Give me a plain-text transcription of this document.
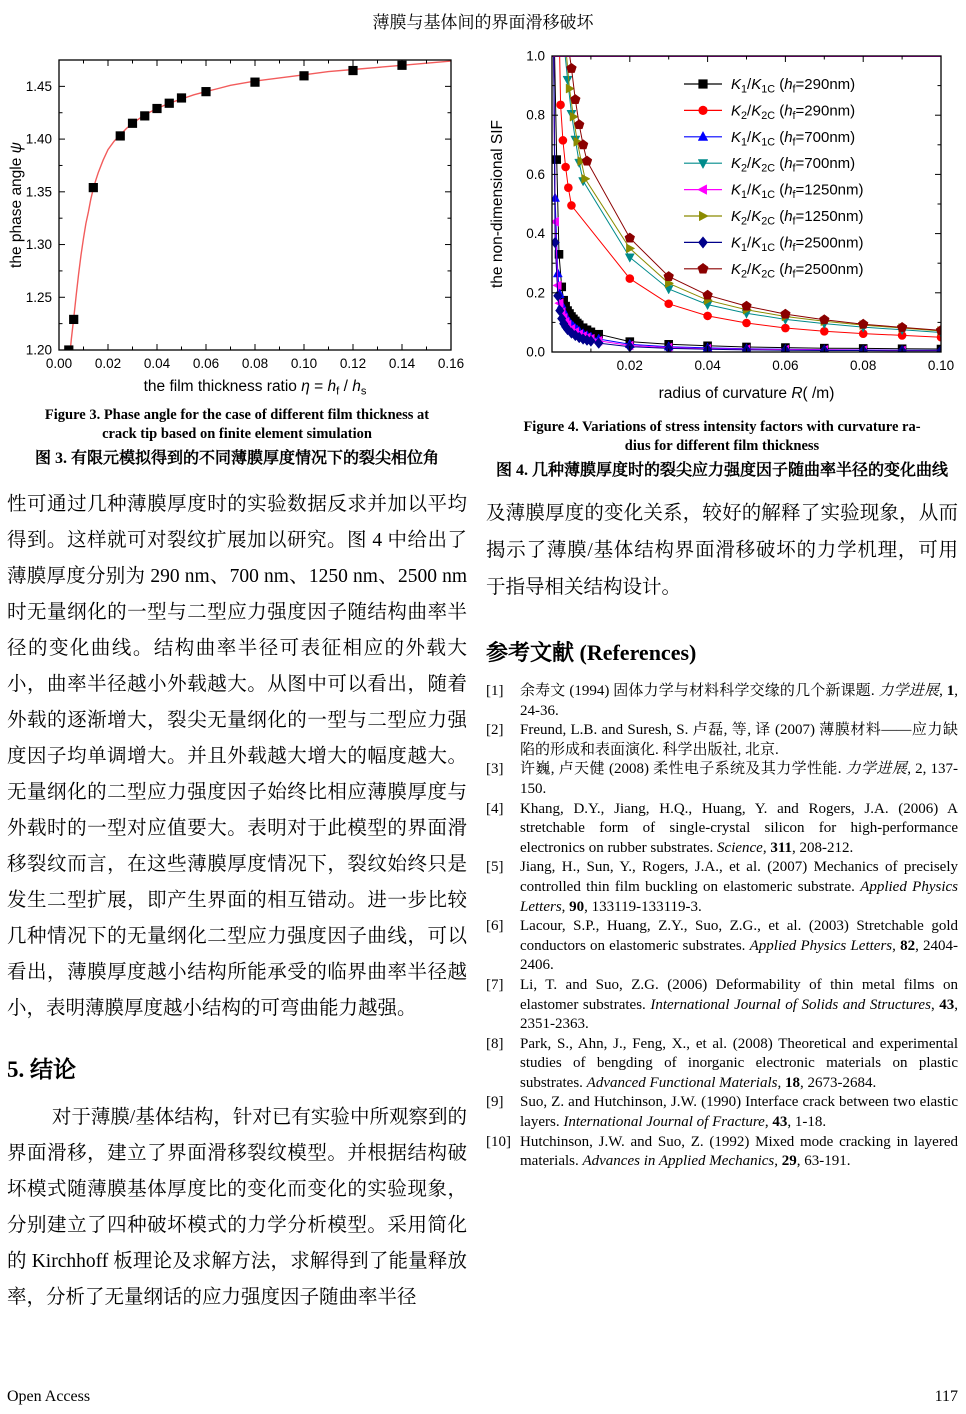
薄膜与基体间的界面滑移破坏
0.00 0.02 0.04 0.06 0.08 0.10 0.12 0.14 0.16
1.20
1.25
1.30
1.35
1.40
1.45
the film thickness ratio $\eta = h_f / h_s$
the phase angle ψ
Figure 3. Phase angle for the case of different film thickness at
crack tip based on finite element simulation
图 3. 有限元模拟得到的不同薄膜厚度情况下的裂尖相位角

性可通过几种薄膜厚度时的实验数据反求并加以平均得到。这样就可对裂纹扩展加以研究。图 4 中给出了薄膜厚度分别为 290 nm、700 nm、1250 nm、2500 nm 时无量纲化的一型与二型应力强度因子随结构曲率半径的变化曲线。结构曲率半径可表征相应的外载大小，曲率半径越小外载越大。从图中可以看出，随着外载的逐渐增大，裂尖无量纲化的一型与二型应力强度因子均单调增大。并且外载越大增大的幅度越大。无量纲化的二型应力强度因子始终比相应薄膜厚度与外载时的一型对应值要大。表明对于此模型的界面滑移裂纹而言，在这些薄膜厚度情况下，裂纹始终只是发生二型扩展，即产生界面的相互错动。进一步比较几种情况下的无量纲化二型应力强度因子曲线，可以看出，薄膜厚度越小结构所能承受的临界曲率半径越小，表明薄膜厚度越小结构的可弯曲能力越强。

5. 结论

对于薄膜/基体结构，针对已有实验中所观察到的界面滑移，建立了界面滑移裂纹模型。并根据结构破坏模式随薄膜基体厚度比的变化而变化的实验现象，分别建立了四种破坏模式的力学分析模型。采用简化的 Kirchhoff 板理论及求解方法，求解得到了能量释放率，分析了无量纲话的应力强度因子随曲率半径

0.02	0.04	0.06	0.08	0.10
0.0
0.2
0.4
0.6
0.8
1.0
radius of curvature R( /m)
the non-dimensional SIF
$K_1/K_{1C}$ $(h_f=290nm)$
$K_2/K_{2C}$ $(h_f=290nm)$
$K_1/K_{1C}$ $(h_f=700nm)$
$K_2/K_{2C}$ $(h_f=700nm)$
$K_1/K_{1C}$ $(h_f=1250nm)$
$K_2/K_{2C}$ $(h_f=1250nm)$
$K_1/K_{1C}$ $(h_f=2500nm)$
$K_2/K_{2C}$ $(h_f=2500nm)$
Figure 4. Variations of stress intensity factors with curvature ra-
dius for different film thickness
图 4. 几种薄膜厚度时的裂尖应力强度因子随曲率半径的变化曲线

及薄膜厚度的变化关系，较好的解释了实验现象，从而揭示了薄膜/基体结构界面滑移破坏的力学机理，可用于指导相关结构设计。

参考文献 (References)
[1]	余寿文 (1994) 固体力学与材料科学交缘的几个新课题. 力学进展, 1, 24-36.
[2]	Freund, L.B. and Suresh, S. 卢磊, 等, 译 (2007) 薄膜材料——应力缺陷的形成和表面演化. 科学出版社, 北京.
[3]	许巍, 卢天健 (2008) 柔性电子系统及其力学性能. 力学进展, 2, 137-150.
[4]	Khang, D.Y., Jiang, H.Q., Huang, Y. and Rogers, J.A. (2006) A stretchable form of single-crystal silicon for high-performance electronics on rubber substrates. Science, 311, 208-212.
[5]	Jiang, H., Sun, Y., Rogers, J.A., et al. (2007) Mechanics of precisely controlled thin film buckling on elastomeric substrate. Applied Physics Letters, 90, 133119-133119-3.
[6]	Lacour, S.P., Huang, Z.Y., Suo, Z.G., et al. (2003) Stretchable gold conductors on elastomeric substrates. Applied Physics Letters, 82, 2404-2406.
[7]	Li, T. and Suo, Z.G. (2006) Deformability of thin metal films on elastomer substrates. International Journal of Solids and Structures, 43, 2351-2363.
[8]	Park, S., Ahn, J., Feng, X., et al. (2008) Theoretical and experimental studies of bengding of inorganic electronic materials on plastic substrates. Advanced Functional Materials, 18, 2673-2684.
[9]	Suo, Z. and Hutchinson, J.W. (1990) Interface crack between two elastic layers. International Journal of Fracture, 43, 1-18.
[10] Hutchinson, J.W. and Suo, Z. (1992) Mixed mode cracking in layered materials. Advances in Applied Mechanics, 29, 63-191.
Open Access	117
